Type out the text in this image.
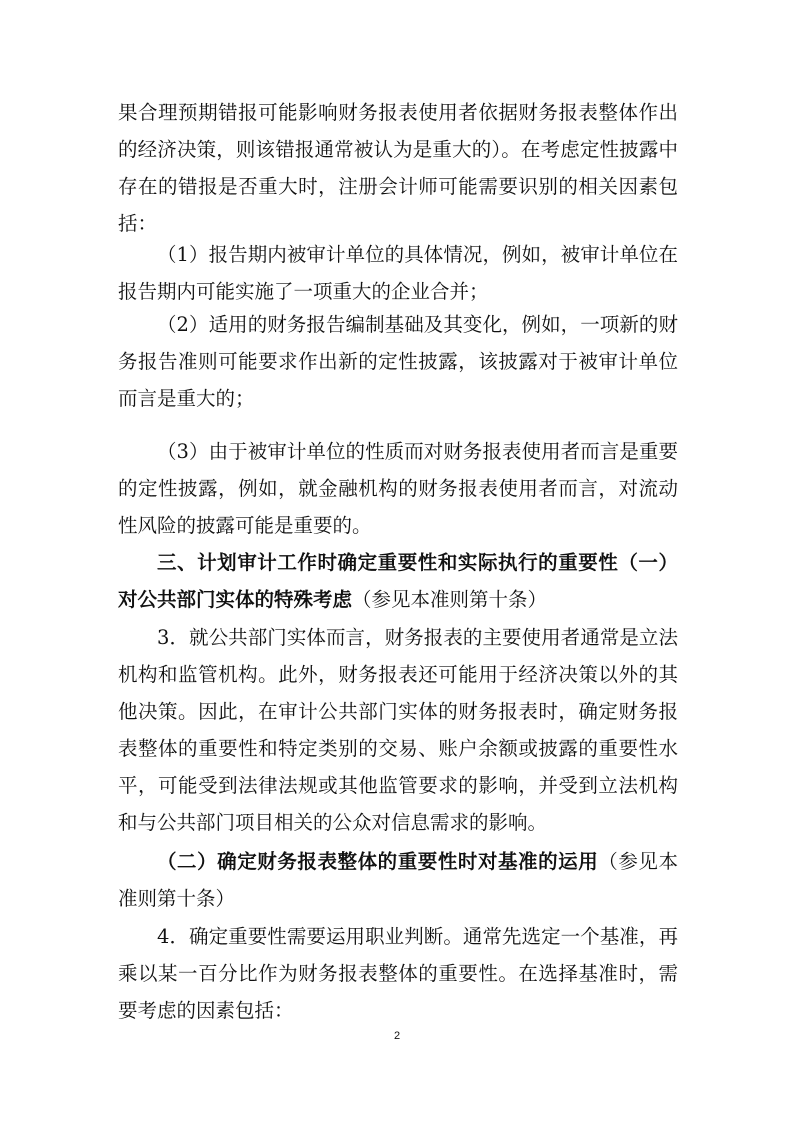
果合理预期错报可能影响财务报表使用者依据财务报表整体作出的经济决策，则该错报通常被认为是重大的）。在考虑定性披露中存在的错报是否重大时，注册会计师可能需要识别的相关因素包括：

（1）报告期内被审计单位的具体情况，例如，被审计单位在报告期内可能实施了一项重大的企业合并；

（2）适用的财务报告编制基础及其变化，例如，一项新的财务报告准则可能要求作出新的定性披露，该披露对于被审计单位而言是重大的；

（3）由于被审计单位的性质而对财务报表使用者而言是重要的定性披露，例如，就金融机构的财务报表使用者而言，对流动性风险的披露可能是重要的。

三、计划审计工作时确定重要性和实际执行的重要性（一）对公共部门实体的特殊考虑（参见本准则第十条）

3．就公共部门实体而言，财务报表的主要使用者通常是立法机构和监管机构。此外，财务报表还可能用于经济决策以外的其他决策。因此，在审计公共部门实体的财务报表时，确定财务报表整体的重要性和特定类别的交易、账户余额或披露的重要性水平，可能受到法律法规或其他监管要求的影响，并受到立法机构和与公共部门项目相关的公众对信息需求的影响。

（二）确定财务报表整体的重要性时对基准的运用（参见本准则第十条）

4．确定重要性需要运用职业判断。通常先选定一个基准，再乘以某一百分比作为财务报表整体的重要性。在选择基准时，需要考虑的因素包括：

2
